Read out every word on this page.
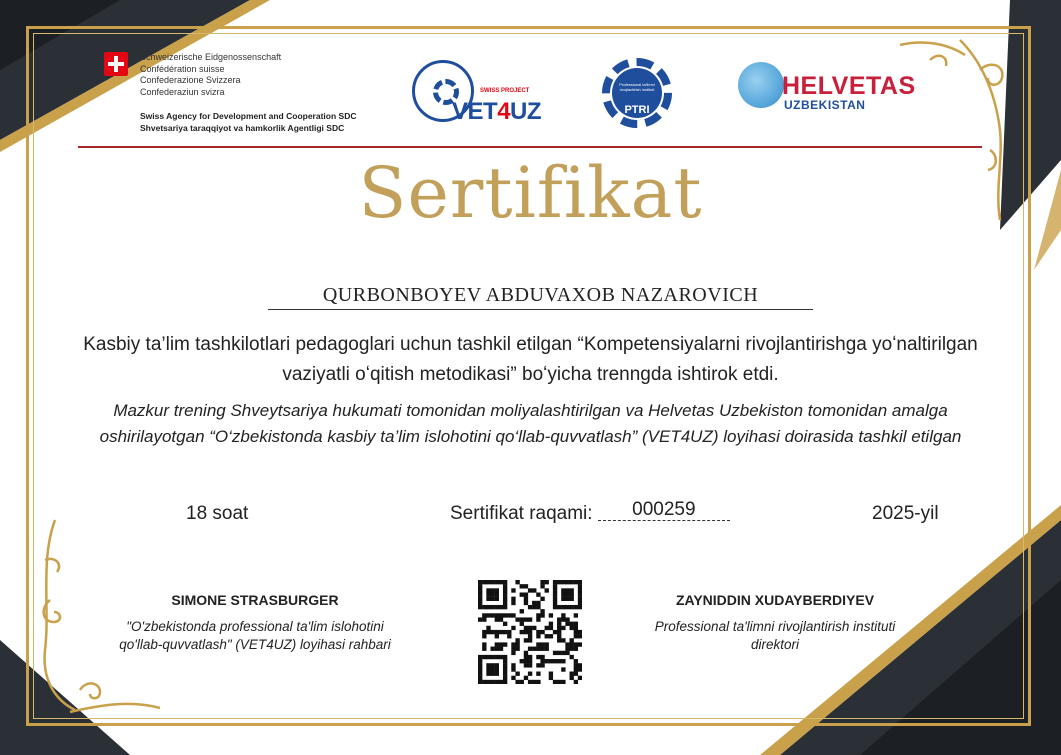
Schweizerische Eidgenossenschaft
Confédération suisse
Confederazione Svizzera
Confederaziun svizra
Swiss Agency for Development and Cooperation SDC
Shvetsariya taraqqiyot va hamkorlik Agentligi SDC
SWISS PROJECT
VET4UZ
Professional ta'limni rivojlantirish instituti
PTRI
HELVETAS
UZBEKISTAN
Sertifikat
QURBONBOYEV ABDUVAXOB NAZAROVICH
Kasbiy ta’lim tashkilotlari pedagoglari uchun tashkil etilgan “Kompetensiyalarni rivojlantirishga yoʻnaltirilgan vaziyatli oʻqitish metodikasi” boʻyicha trenngda ishtirok etdi.
Mazkur trening Shveytsariya hukumati tomonidan moliyalashtirilgan va Helvetas Uzbekiston tomonidan amalga oshirilayotgan “O‘zbekistonda kasbiy ta’lim islohotini qo‘llab-quvvatlash” (VET4UZ) loyihasi doirasida tashkil etilgan
18 soat	Sertifikat raqami: 000259	2025-yil
SIMONE STRASBURGER
"O'zbekistonda professional ta'lim islohotini qo'llab-quvvatlash" (VET4UZ) loyihasi rahbari
ZAYNIDDIN XUDAYBERDIYEV
Professional ta'limni rivojlantirish instituti direktori
